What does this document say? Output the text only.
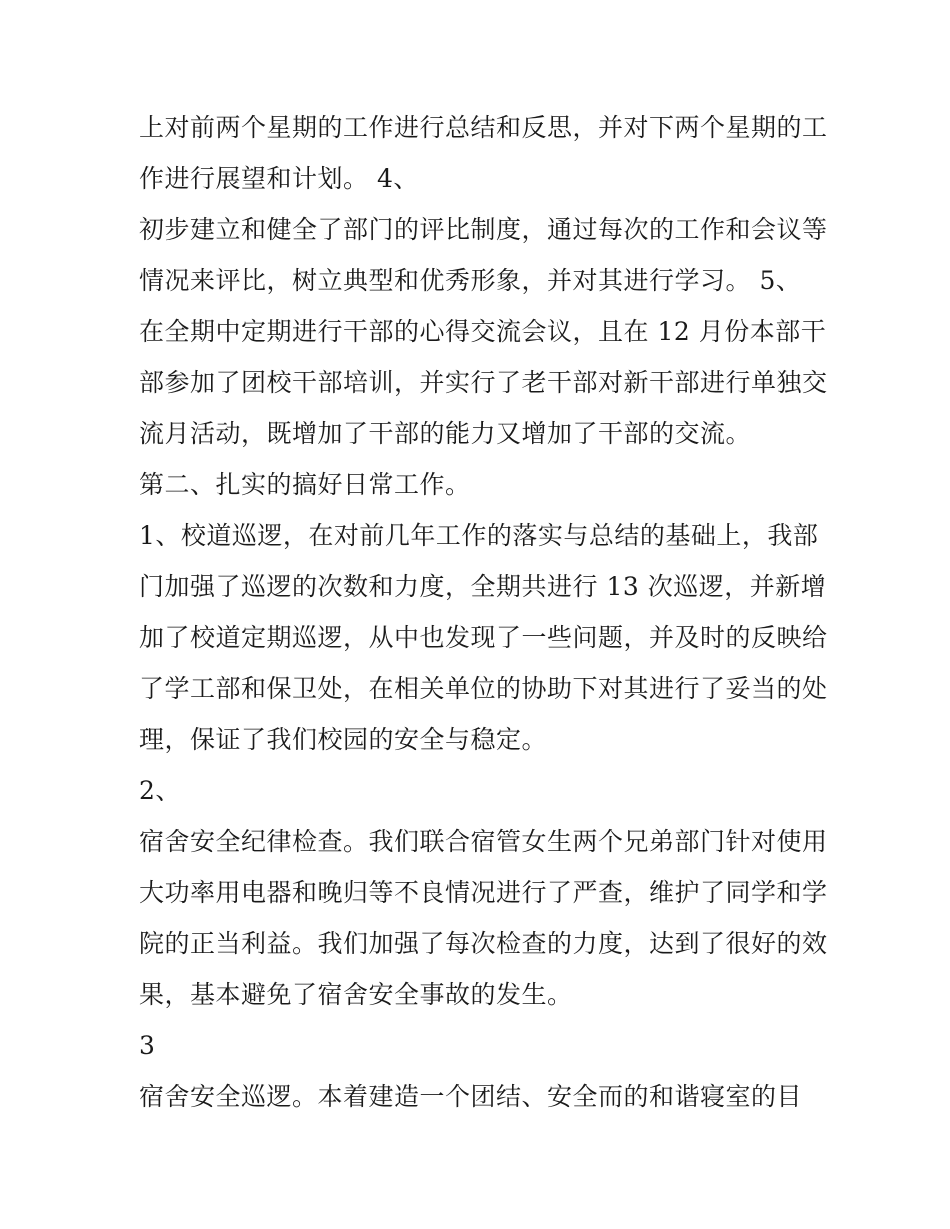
上对前两个星期的工作进行总结和反思，并对下两个星期的工
作进行展望和计划。 4、
初步建立和健全了部门的评比制度，通过每次的工作和会议等
情况来评比，树立典型和优秀形象，并对其进行学习。 5、
在全期中定期进行干部的心得交流会议，且在 12 月份本部干
部参加了团校干部培训，并实行了老干部对新干部进行单独交
流月活动，既增加了干部的能力又增加了干部的交流。
第二、扎实的搞好日常工作。
1、校道巡逻，在对前几年工作的落实与总结的基础上，我部
门加强了巡逻的次数和力度，全期共进行 13 次巡逻，并新增
加了校道定期巡逻，从中也发现了一些问题，并及时的反映给
了学工部和保卫处，在相关单位的协助下对其进行了妥当的处
理，保证了我们校园的安全与稳定。
2、
宿舍安全纪律检查。我们联合宿管女生两个兄弟部门针对使用
大功率用电器和晚归等不良情况进行了严查，维护了同学和学
院的正当利益。我们加强了每次检查的力度，达到了很好的效
果，基本避免了宿舍安全事故的发生。
3
宿舍安全巡逻。本着建造一个团结、安全而的和谐寝室的目
